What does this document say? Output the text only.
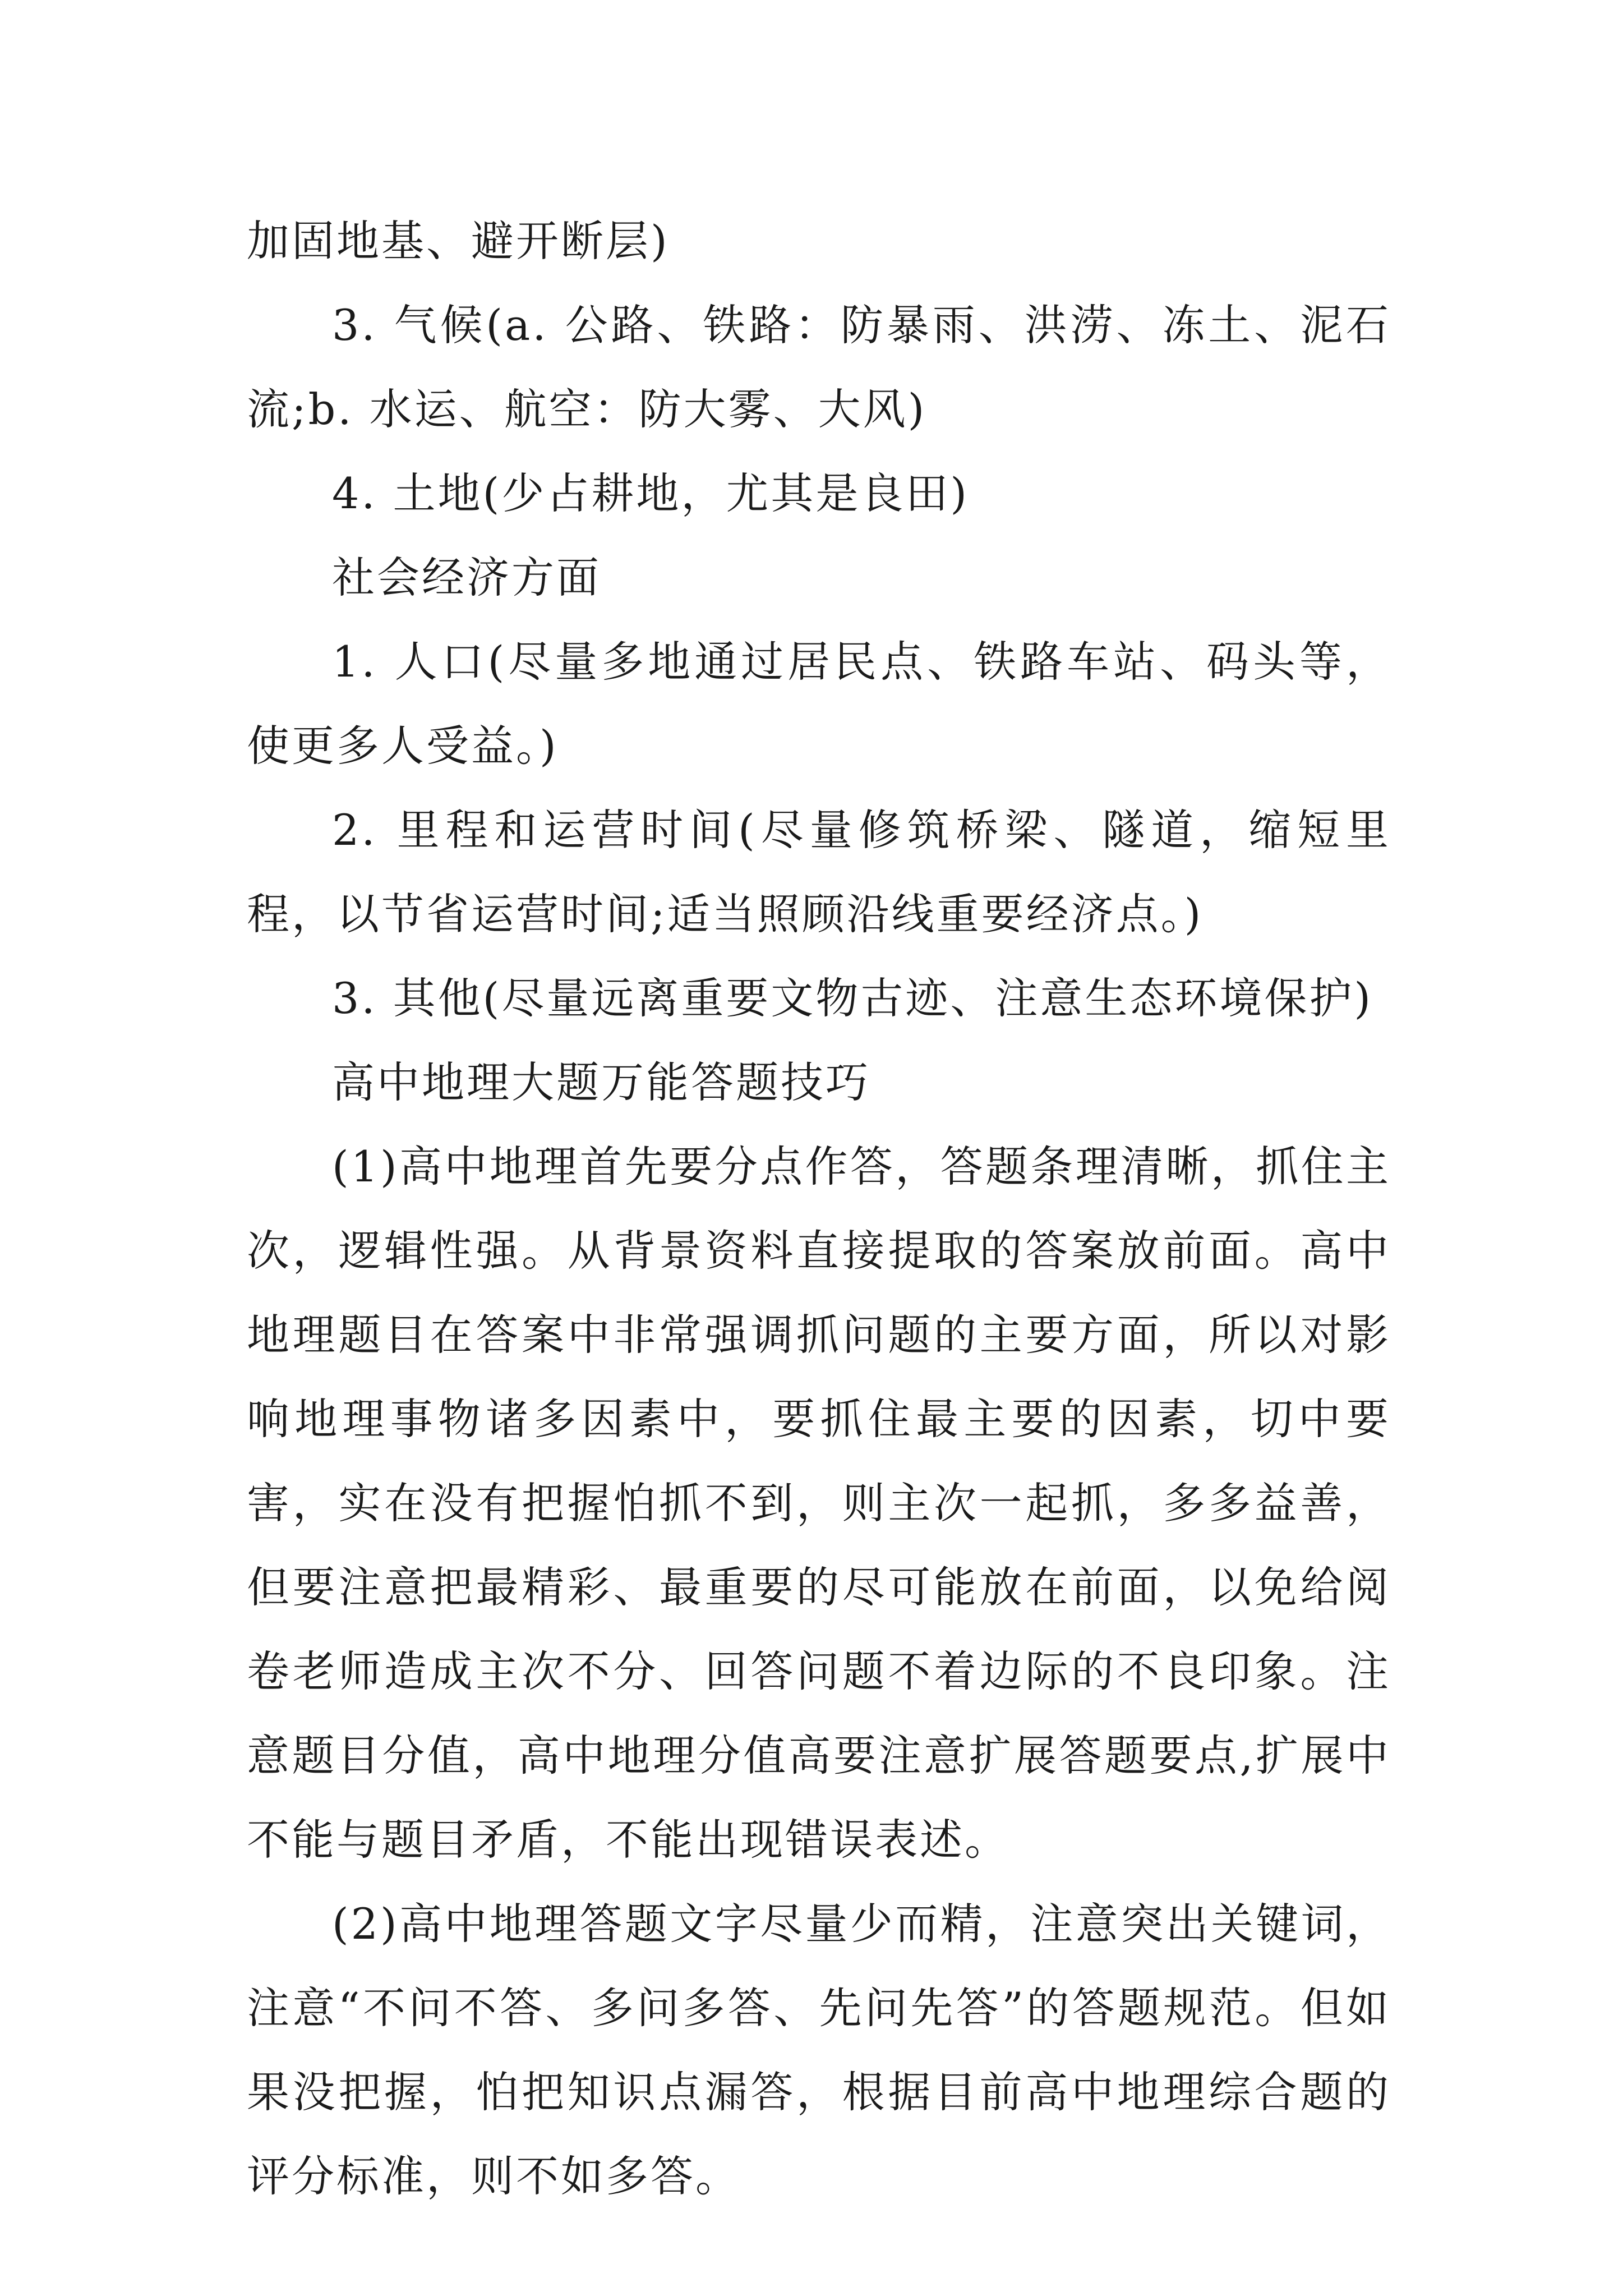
加固地基、避开断层)

3. 气候(a. 公路、铁路：防暴雨、洪涝、冻土、泥石流;b. 水运、航空：防大雾、大风)

4. 土地(少占耕地，尤其是良田)

社会经济方面

1. 人口(尽量多地通过居民点、铁路车站、码头等，使更多人受益。)

2. 里程和运营时间(尽量修筑桥梁、隧道，缩短里程，以节省运营时间;适当照顾沿线重要经济点。)

3. 其他(尽量远离重要文物古迹、注意生态环境保护)

高中地理大题万能答题技巧

(1)高中地理首先要分点作答，答题条理清晰，抓住主次，逻辑性强。从背景资料直接提取的答案放前面。高中地理题目在答案中非常强调抓问题的主要方面，所以对影响地理事物诸多因素中，要抓住最主要的因素，切中要害，实在没有把握怕抓不到，则主次一起抓，多多益善，但要注意把最精彩、最重要的尽可能放在前面，以免给阅卷老师造成主次不分、回答问题不着边际的不良印象。注意题目分值，高中地理分值高要注意扩展答题要点,扩展中不能与题目矛盾，不能出现错误表述。

(2)高中地理答题文字尽量少而精，注意突出关键词，注意“不问不答、多问多答、先问先答”的答题规范。但如果没把握，怕把知识点漏答，根据目前高中地理综合题的评分标准，则不如多答。
